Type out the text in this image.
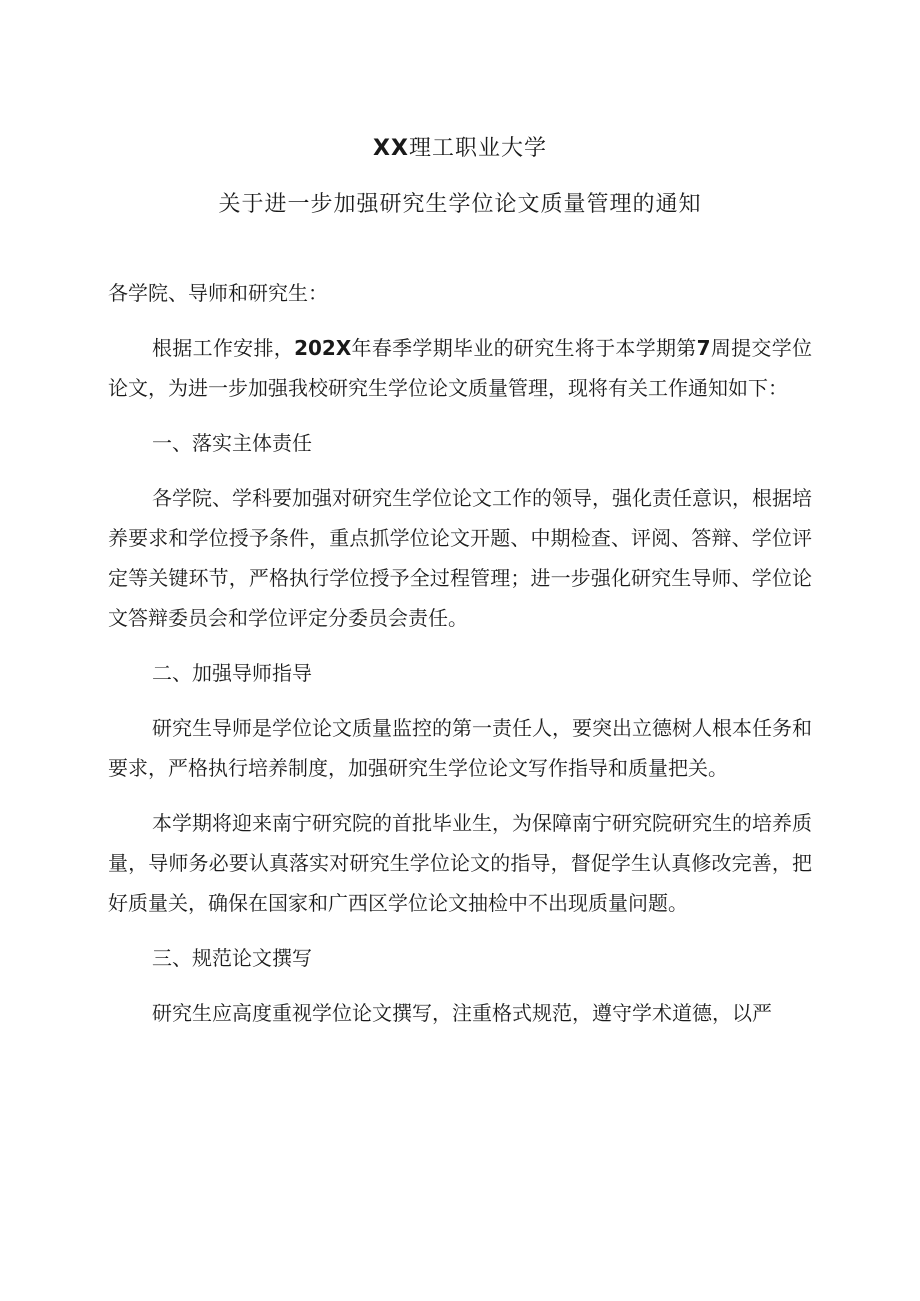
XX理工职业大学
关于进一步加强研究生学位论文质量管理的通知

各学院、导师和研究生：

根据工作安排，202X年春季学期毕业的研究生将于本学期第7周提交学位论文，为进一步加强我校研究生学位论文质量管理，现将有关工作通知如下：

一、落实主体责任

各学院、学科要加强对研究生学位论文工作的领导，强化责任意识，根据培养要求和学位授予条件，重点抓学位论文开题、中期检查、评阅、答辩、学位评定等关键环节，严格执行学位授予全过程管理；进一步强化研究生导师、学位论文答辩委员会和学位评定分委员会责任。

二、加强导师指导

研究生导师是学位论文质量监控的第一责任人，要突出立德树人根本任务和要求，严格执行培养制度，加强研究生学位论文写作指导和质量把关。

本学期将迎来南宁研究院的首批毕业生，为保障南宁研究院研究生的培养质量，导师务必要认真落实对研究生学位论文的指导，督促学生认真修改完善，把好质量关，确保在国家和广西区学位论文抽检中不出现质量问题。

三、规范论文撰写

研究生应高度重视学位论文撰写，注重格式规范，遵守学术道德，以严
